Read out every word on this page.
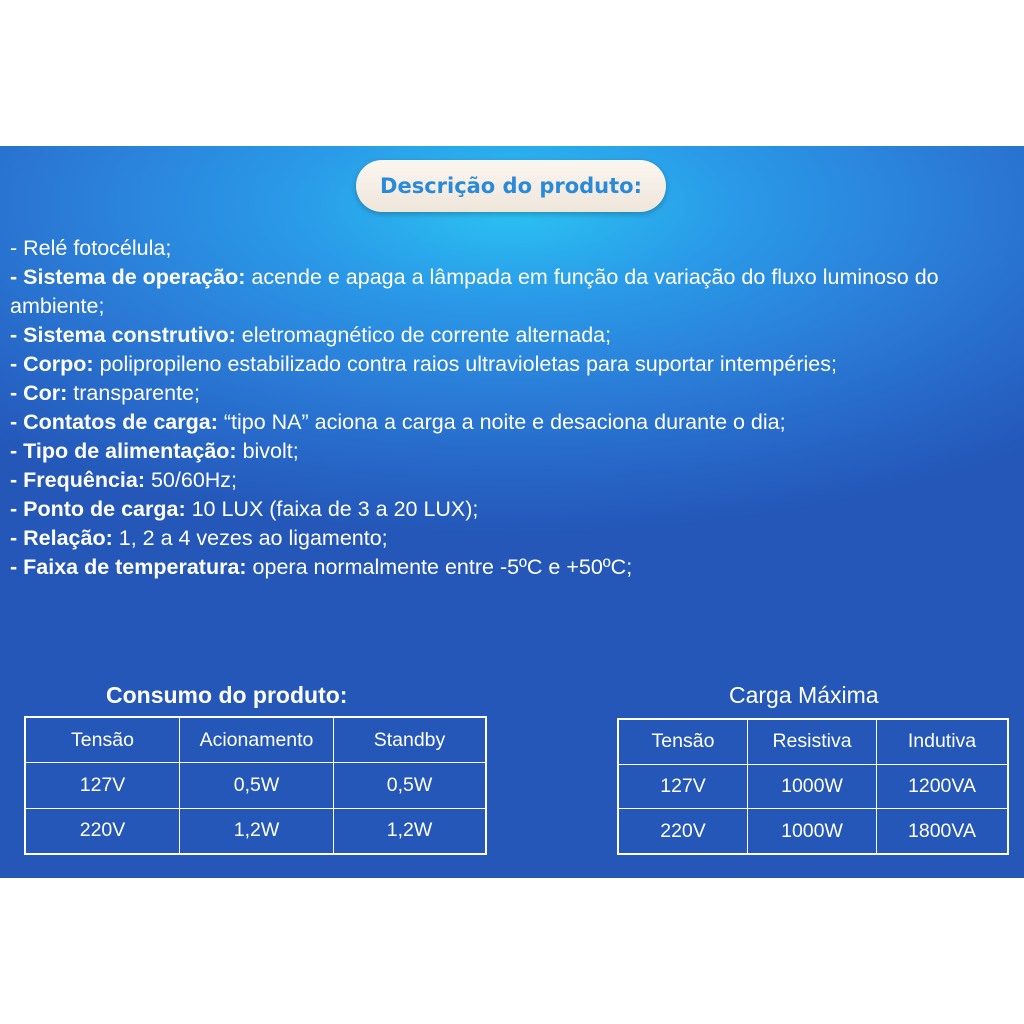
Descrição do produto:
- Relé fotocélula;
- Sistema de operação: acende e apaga a lâmpada em função da variação do fluxo luminoso do ambiente;
- Sistema construtivo: eletromagnético de corrente alternada;
- Corpo: polipropileno estabilizado contra raios ultravioletas para suportar intempéries;
- Cor: transparente;
- Contatos de carga: “tipo NA” aciona a carga a noite e desaciona durante o dia;
- Tipo de alimentação: bivolt;
- Frequência: 50/60Hz;
- Ponto de carga: 10 LUX (faixa de 3 a 20 LUX);
- Relação: 1, 2 a 4 vezes ao ligamento;
- Faixa de temperatura: opera normalmente entre -5ºC e +50ºC;
Consumo do produto:
Tensão	Acionamento	Standby
127V	0,5W	0,5W
220V	1,2W	1,2W
Carga Máxima
Tensão	Resistiva	Indutiva
127V	1000W	1200VA
220V	1000W	1800VA
